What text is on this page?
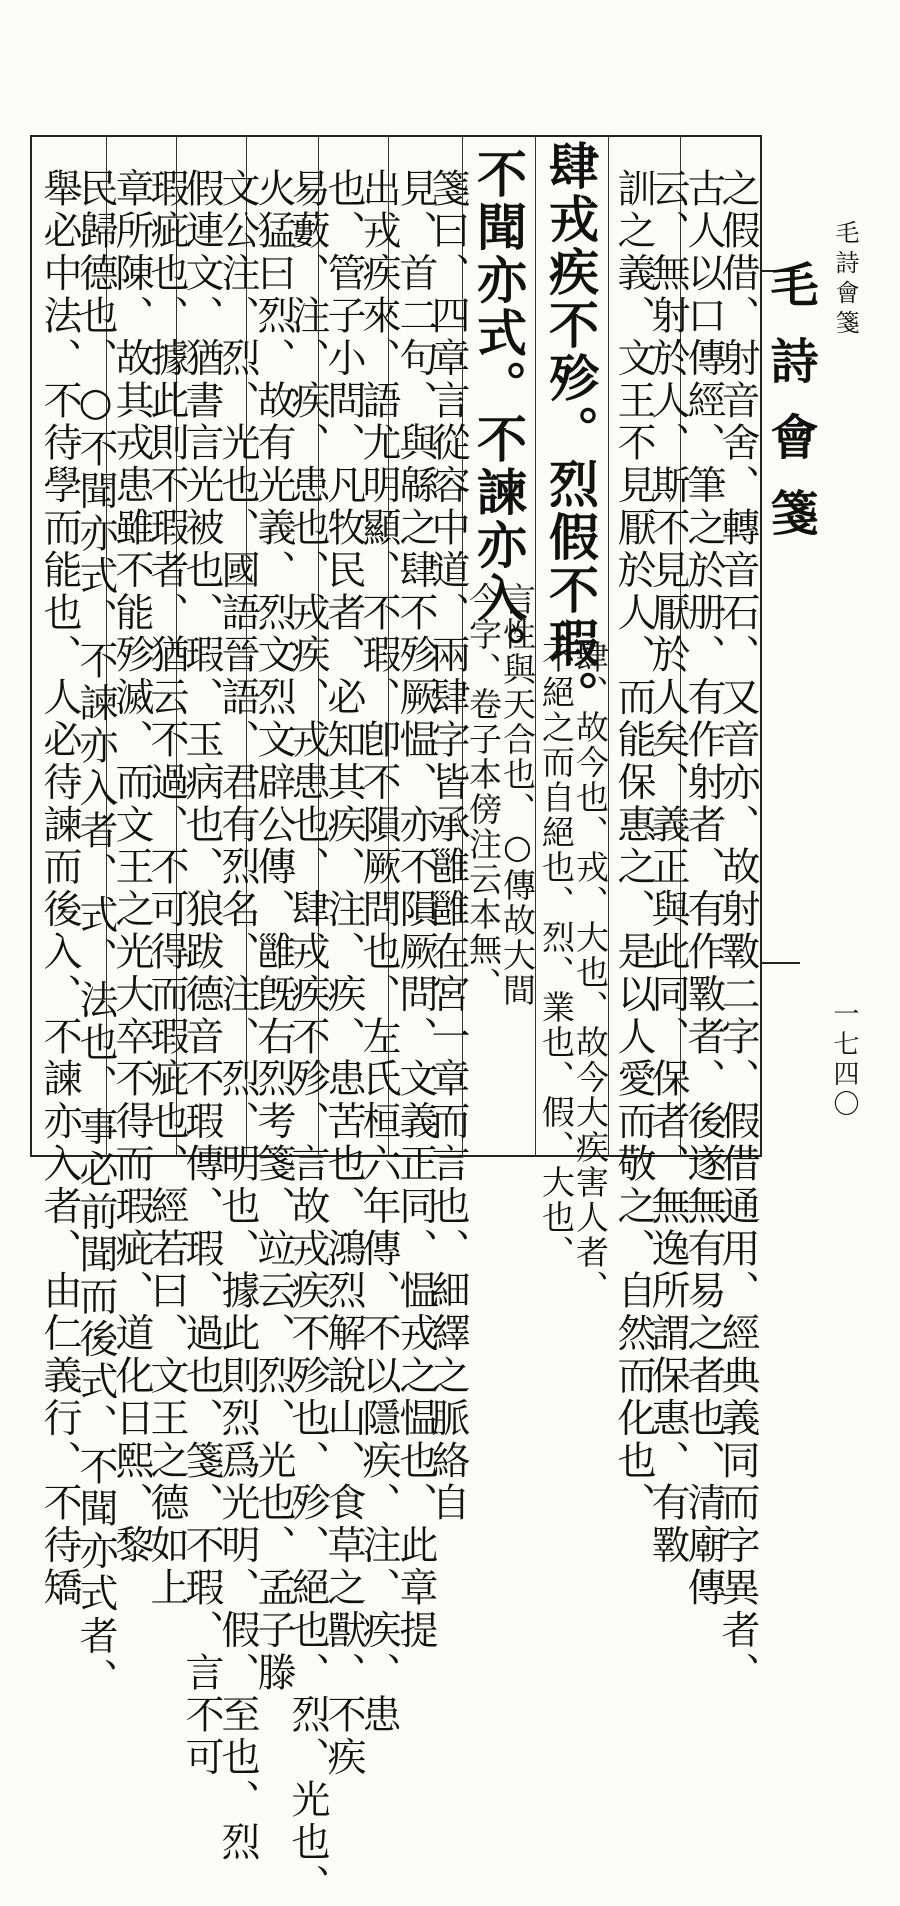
之假借、射音舍、轉音石、又音亦、故射斁二字、假借通用、經典義同而字異者、
古人以口傳經、筆之於册、有作射者、有作斁者、後遂無有易之者也、清廟傳
云、無射於人、斯不見厭於人矣、義正與此同、保者、無逸所謂保惠、有斁
訓之義、文王不見厭於人、而能保惠之、是以人愛而敬之、自然而化也、
肆戎疾不殄。烈假不瑕。
肆、故今也、戎、大也、故今大疾害人者、
不絕之而自絕也、烈、業也、假、大也、
不聞亦式。不諫亦入。
言性與天合也、○傳故大間
今字、卷子本傍注云本無、
箋曰、四章言從容中道、兩肆字皆承雝雝在宮一章而言也、細繹之脈絡自
見、首二句、與緜之肆不殄厥愠、亦不隕厥問、文義正同、愠戎之愠也、此章提
出戎疾來、語尤明顯、不瑕、卽不隕厥問也、左氏桓六年傳、不以隱疾、注、疾、患
也、管子小問、凡牧民者、必知其疾、注、疾、患苦也、鴻烈解說山、食草之獸、不疾
易藪、注、疾、患也、戎疾、戎患也、肆戎疾不殄、言故戎疾不殄也、殄、絕也、烈、光也、
火猛曰烈、故有光義、烈文烈文辟公傳、雝旣右烈考箋、竝云、烈、光也、孟子滕
文公注、烈、光也、國語晉語、君有烈名、注、烈、明也、據此則烈爲光明、假、至也、烈
假連文、猶書言光被也、瑕、玉病也、狼跋德音不瑕傳、瑕、過也、箋、不瑕、言不可
瑕疵也、據此則不瑕者、猶云不過、不可得而瑕疵也、經若曰、文王之德如上
章所陳、故其戎患雖不能殄滅、而文王之光大卒不得而瑕疵、道化日熙、黎
民歸德也、○不聞亦式、不諫亦入者、式、法也、事必前聞而後式、不聞亦式者、
舉必中法、不待學而能也、人必待諫而後入、不諫亦入者、由仁義行、不待矯	毛詩會箋 毛詩會箋
一七四〇
